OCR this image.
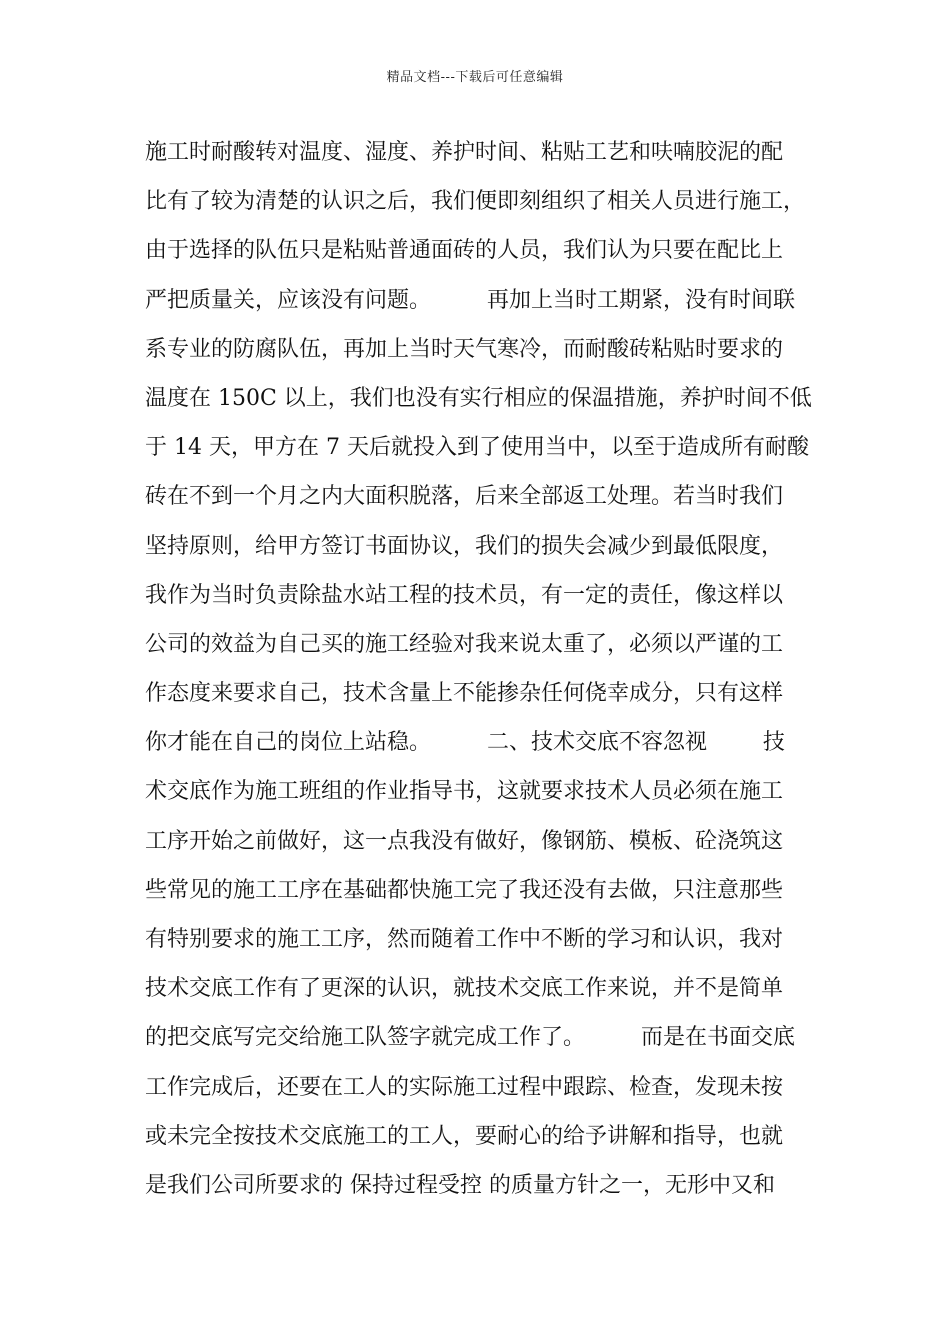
精品文档---下载后可任意编辑
施工时耐酸转对温度、湿度、养护时间、粘贴工艺和呋喃胶泥的配
比有了较为清楚的认识之后，我们便即刻组织了相关人员进行施工，
由于选择的队伍只是粘贴普通面砖的人员，我们认为只要在配比上
严把质量关，应该没有问题。        再加上当时工期紧，没有时间联
系专业的防腐队伍，再加上当时天气寒冷，而耐酸砖粘贴时要求的
温度在 150C 以上，我们也没有实行相应的保温措施，养护时间不低
于 14 天，甲方在 7 天后就投入到了使用当中，以至于造成所有耐酸
砖在不到一个月之内大面积脱落，后来全部返工处理。若当时我们
坚持原则，给甲方签订书面协议，我们的损失会减少到最低限度，
我作为当时负责除盐水站工程的技术员，有一定的责任，像这样以
公司的效益为自己买的施工经验对我来说太重了，必须以严谨的工
作态度来要求自己，技术含量上不能掺杂任何侥幸成分，只有这样
你才能在自己的岗位上站稳。        二、技术交底不容忽视        技
术交底作为施工班组的作业指导书，这就要求技术人员必须在施工
工序开始之前做好，这一点我没有做好，像钢筋、模板、砼浇筑这
些常见的施工工序在基础都快施工完了我还没有去做，只注意那些
有特别要求的施工工序，然而随着工作中不断的学习和认识，我对
技术交底工作有了更深的认识，就技术交底工作来说，并不是简单
的把交底写完交给施工队签字就完成工作了。        而是在书面交底
工作完成后，还要在工人的实际施工过程中跟踪、检查，发现未按
或未完全按技术交底施工的工人，要耐心的给予讲解和指导，也就
是我们公司所要求的 保持过程受控 的质量方针之一，无形中又和
